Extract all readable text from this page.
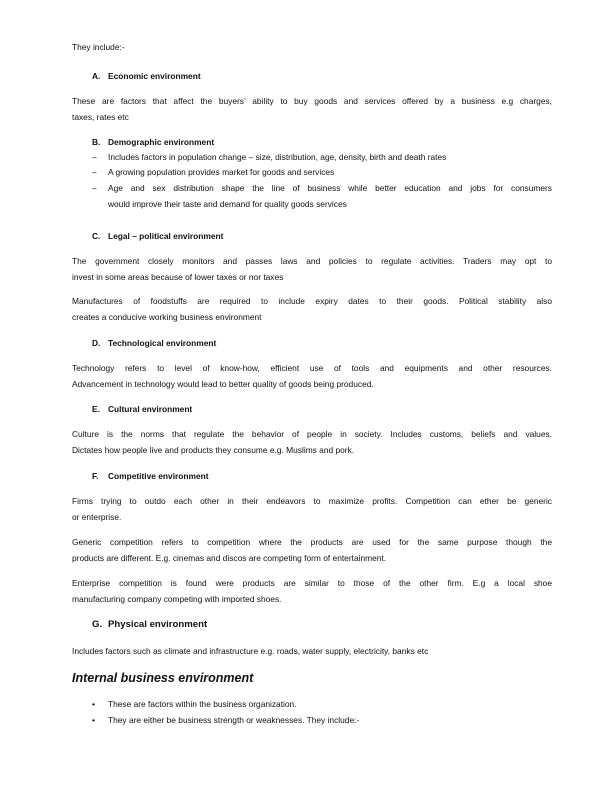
They include:-
A. Economic environment
These are factors that affect the buyers’ ability to buy goods and services offered by a business e.g charges,
taxes, rates etc
B. Demographic environment
– Includes factors in population change – size, distribution, age, density, birth and death rates
– A growing population provides market for goods and services
– Age and sex distribution shape the line of business while better education and jobs for consumers
would improve their taste and demand for quality goods services
C. Legal – political environment
The government closely monitors and passes laws and policies to regulate activities. Traders may opt to
invest in some areas because of lower taxes or nor taxes
Manufactures of foodstuffs are required to include expiry dates to their goods. Political stability also
creates a conducive working business environment
D. Technological environment
Technology refers to level of know-how, efficient use of tools and equipments and other resources.
Advancement in technology would lead to better quality of goods being produced.
E. Cultural environment
Culture is the norms that regulate the behavior of people in society. Includes customs, beliefs and values.
Dictates how people live and products they consume e.g. Muslims and pork.
F. Competitive environment
Firms trying to outdo each other in their endeavors to maximize profits. Competition can ether be generic
or enterprise.
Generic competition refers to competition where the products are used for the same purpose though the
products are different. E.g. cinemas and discos are competing form of entertainment.
Enterprise competition is found were products are similar to those of the other firm. E.g a local shoe
manufacturing company competing with imported shoes.
G. Physical environment
Includes factors such as climate and infrastructure e.g. roads, water supply, electricity, banks etc
Internal business environment
• These are factors within the business organization.
• They are either be business strength or weaknesses. They include:-
